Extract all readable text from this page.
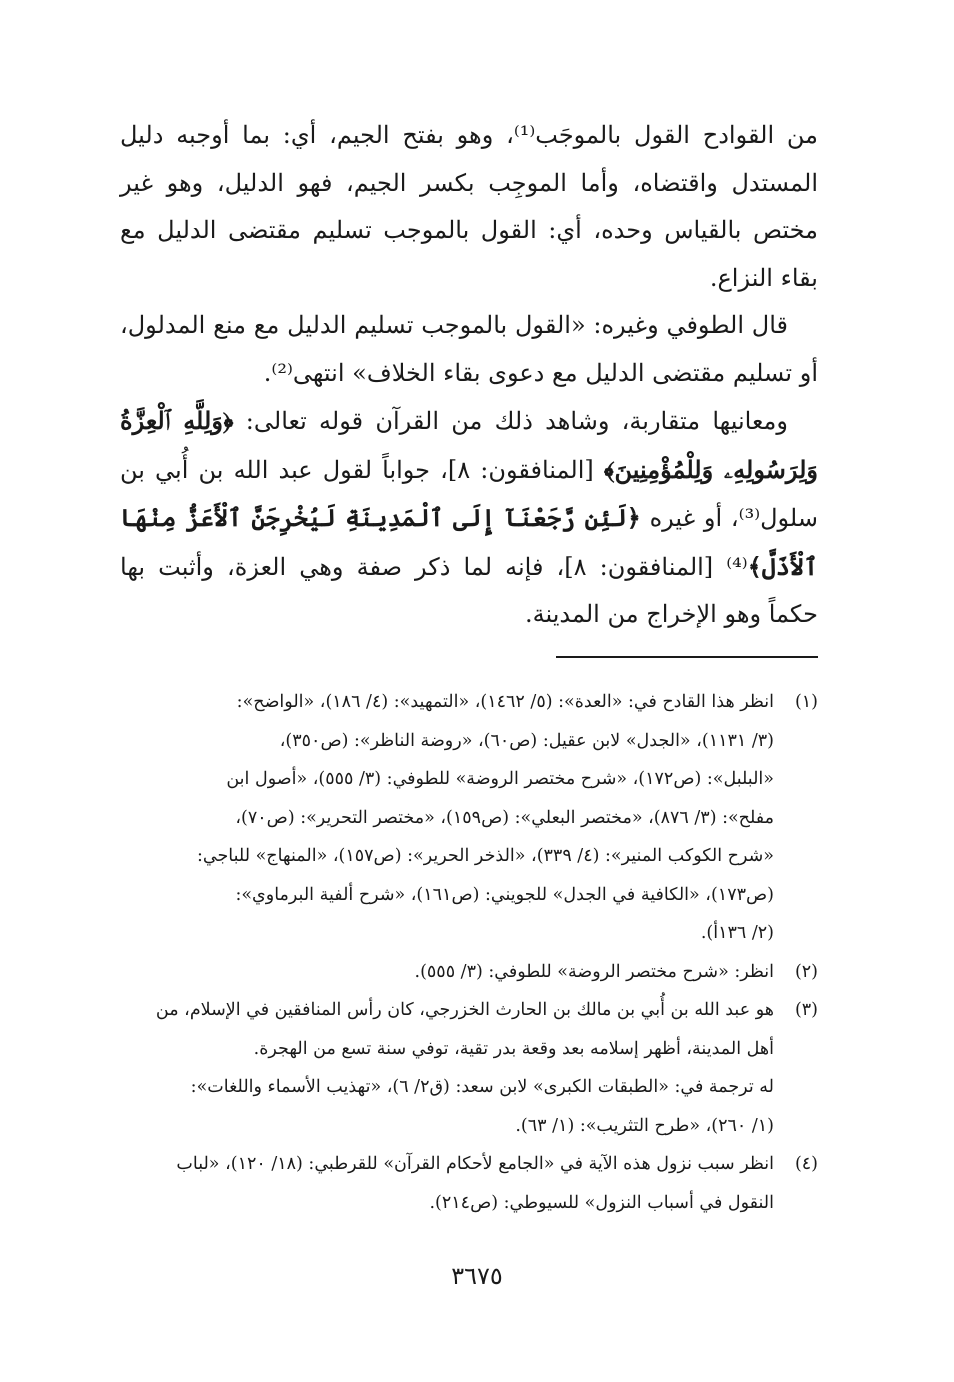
من القوادح القول بالموجَب⁽¹⁾، وهو بفتح الجيم، أي: بما أوجبه دليل المستدل واقتضاه، وأما الموجِب بكسر الجيم، فهو الدليل، وهو غير مختص بالقياس وحده، أي: القول بالموجب تسليم مقتضى الدليل مع بقاء النزاع.

قال الطوفي وغيره: «القول بالموجب تسليم الدليل مع منع المدلول، أو تسليم مقتضى الدليل مع دعوى بقاء الخلاف» انتهى⁽²⁾.

ومعانيها متقاربة، وشاهد ذلك من القرآن قوله تعالى: ﴿وَلِلَّهِ ٱلْعِزَّةُ وَلِرَسُولِهِۦ وَلِلْمُؤْمِنِينَ﴾ [المنافقون: ٨]، جواباً لقول عبد الله بن أُبي بن سلول⁽³⁾، أو غيره ﴿لَئِن رَّجَعْنَآ إِلَى ٱلْمَدِينَةِ لَيُخْرِجَنَّ ٱلْأَعَزُّ مِنْهَا ٱلْأَذَلَّ﴾⁽⁴⁾ [المنافقون: ٨]، فإنه لما ذكر صفة وهي العزة، وأثبت بها حكماً وهو الإخراج من المدينة.

(١)
انظر هذا القادح في: «العدة»: (٥/ ١٤٦٢)، «التمهيد»: (٤/ ١٨٦)، «الواضح»:
(٣/ ١١٣١)، «الجدل» لابن عقيل: (ص٦٠)، «روضة الناظر»: (ص٣٥٠)،
«البلبل»: (ص١٧٢)، «شرح مختصر الروضة» للطوفي: (٣/ ٥٥٥)، «أصول ابن
مفلح»: (٣/ ٨٧٦)، «مختصر البعلي»: (ص١٥٩)، «مختصر التحرير»: (ص٧٠)،
«شرح الكوكب المنير»: (٤/ ٣٣٩)، «الذخر الحرير»: (ص١٥٧)، «المنهاج» للباجي:
(ص١٧٣)، «الكافية في الجدل» للجويني: (ص١٦١)، «شرح ألفية البرماوي»:
(٢/ ١٣٦أ).
(٢)
انظر: «شرح مختصر الروضة» للطوفي: (٣/ ٥٥٥).
(٣)
هو عبد الله بن أُبي بن مالك بن الحارث الخزرجي، كان رأس المنافقين في الإسلام، من
أهل المدينة، أظهر إسلامه بعد وقعة بدر تقية، توفي سنة تسع من الهجرة.
له ترجمة في: «الطبقات الكبرى» لابن سعد: (ق٢/ ٦)، «تهذيب الأسماء واللغات»:
(١/ ٢٦٠)، «طرح التثريب»: (١/ ٦٣).
(٤)
انظر سبب نزول هذه الآية في «الجامع لأحكام القرآن» للقرطبي: (١٨/ ١٢٠)، «لباب
النقول في أسباب النزول» للسيوطي: (ص٢١٤).
٣٦٧٥
